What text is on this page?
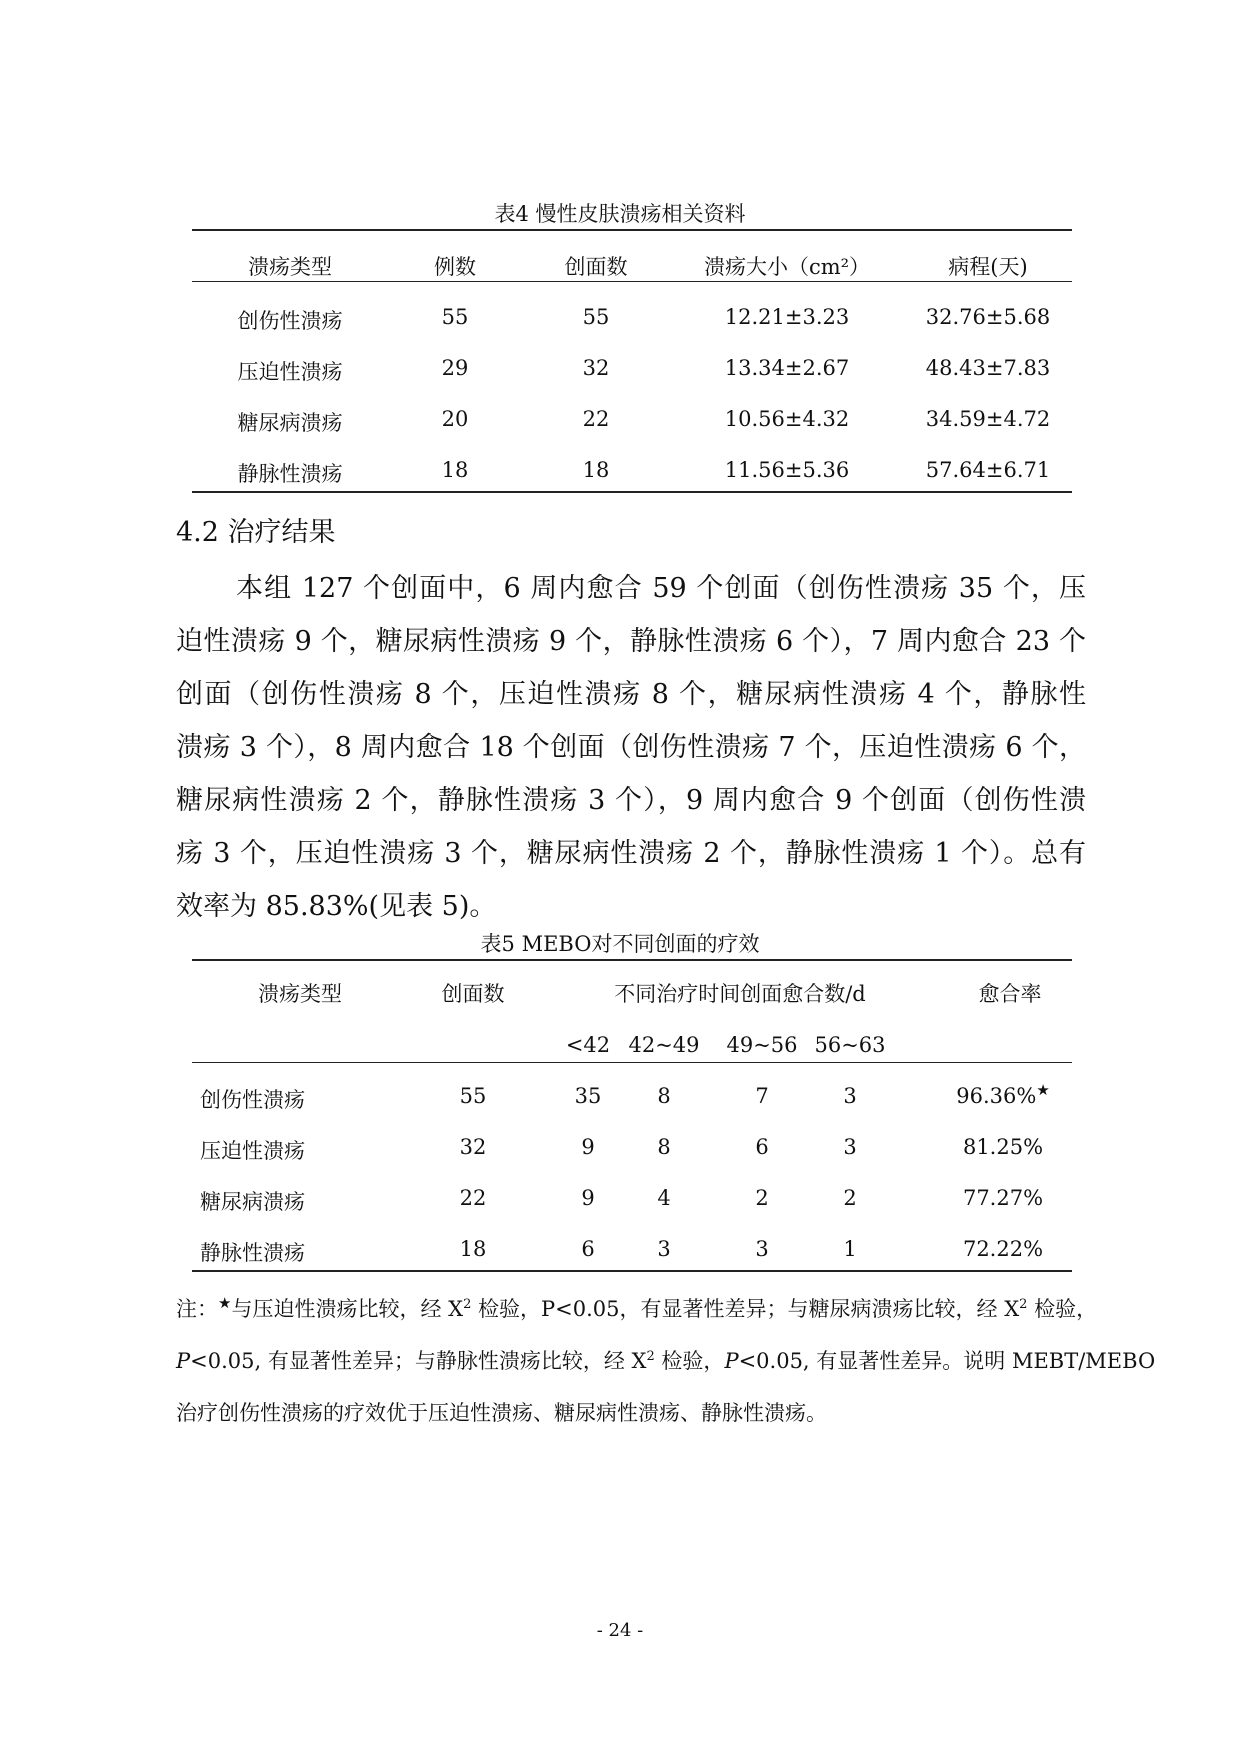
表4 慢性皮肤溃疡相关资料
溃疡类型	例数	创面数	溃疡大小（cm²）	病程(天)
创伤性溃疡	55	55	12.21±3.23	32.76±5.68
压迫性溃疡	29	32	13.34±2.67	48.43±7.83
糖尿病溃疡	20	22	10.56±4.32	34.59±4.72
静脉性溃疡	18	18	11.56±5.36	57.64±6.71
4.2 治疗结果
本组 127 个创面中，6 周内愈合 59 个创面（创伤性溃疡 35 个，压
迫性溃疡 9 个，糖尿病性溃疡 9 个，静脉性溃疡 6 个），7 周内愈合 23 个
创面（创伤性溃疡 8 个，压迫性溃疡 8 个，糖尿病性溃疡 4 个，静脉性
溃疡 3 个），8 周内愈合 18 个创面（创伤性溃疡 7 个，压迫性溃疡 6 个，
糖尿病性溃疡 2 个，静脉性溃疡 3 个），9 周内愈合 9 个创面（创伤性溃
疡 3 个，压迫性溃疡 3 个，糖尿病性溃疡 2 个，静脉性溃疡 1 个）。总有
效率为 85.83%(见表 5)。
表5 MEBO对不同创面的疗效
溃疡类型	创面数	不同治疗时间创面愈合数/d	愈合率
<42 42~49 49~56 56~63
创伤性溃疡	55	35	8	7	3	96.36%★
压迫性溃疡	32	9	8	6	3	81.25%
糖尿病溃疡	22	9	4	2	2	77.27%
静脉性溃疡	18	6	3	3	1	72.22%
注：★与压迫性溃疡比较，经 $X^2$ 检验，P<0.05，有显著性差异；与糖尿病溃疡比较，经 $X^2$ 检验，
P<0.05, 有显著性差异；与静脉性溃疡比较，经 $X^2$ 检验，P<0.05, 有显著性差异。说明 MEBT/MEBO
治疗创伤性溃疡的疗效优于压迫性溃疡、糖尿病性溃疡、静脉性溃疡。
- 24 -
